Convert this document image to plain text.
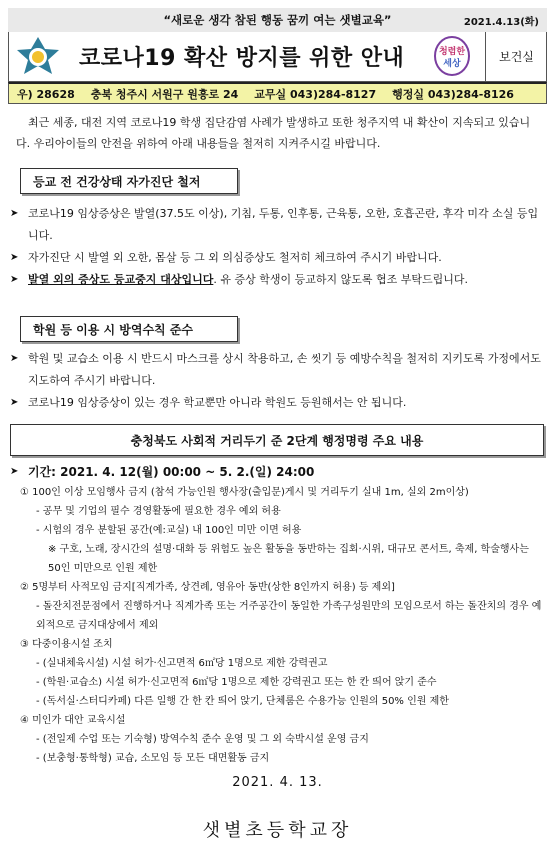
“새로운 생각 참된 행동 꿈끼 여는 샛별교육”	2021.4.13(화)
코로나19 확산 방지를 위한 안내	청렴한
세상	보건실
우) 28628 충북 청주시 서원구 원흥로 24 교무실 043)284-8127 행정실 043)284-8126
최근 세종, 대전 지역 코로나19 학생 집단감염 사례가 발생하고 또한 청주지역 내 확산이 지속되고 있습니다. 우리아이들의 안전을 위하여 아래 내용들을 철저히 지켜주시길 바랍니다.
등교 전 건강상태 자가진단 철저
➤ 코로나19 임상증상은 발열(37.5도 이상), 기침, 두통, 인후통, 근육통, 오한, 호흡곤란, 후각 미각 소실 등입니다.
➤ 자가진단 시 발열 외 오한, 몸살 등 그 외 의심증상도 철저히 체크하여 주시기 바랍니다.
➤ 발열 외의 증상도 등교중지 대상입니다. 유 증상 학생이 등교하지 않도록 협조 부탁드립니다.
학원 등 이용 시 방역수칙 준수
➤ 학원 및 교습소 이용 시 반드시 마스크를 상시 착용하고, 손 씻기 등 예방수칙을 철저히 지키도록 가정에서도 지도하여 주시기 바랍니다.
➤ 코로나19 임상증상이 있는 경우 학교뿐만 아니라 학원도 등원해서는 안 됩니다.
충청북도 사회적 거리두기 준 2단계 행정명령 주요 내용
➤ 기간: 2021. 4. 12(월) 00:00 ~ 5. 2.(일) 24:00
① 100인 이상 모임행사 금지 (참석 가능인원 행사장(출입문)게시 및 거리두기 실내 1m, 실외 2m이상)
- 공무 및 기업의 필수 경영활동에 필요한 경우 예외 허용
- 시험의 경우 분할된 공간(예:교실) 내 100인 미만 이면 허용
※ 구호, 노래, 장시간의 설명·대화 등 위험도 높은 활동을 동반하는 집회·시위, 대규모 콘서트, 축제, 학술행사는 50인 미만으로 인원 제한
② 5명부터 사적모임 금지[직계가족, 상견례, 영유아 동반(상한 8인까지 허용) 등 제외]
- 돌잔치전문점에서 진행하거나 직계가족 또는 거주공간이 동일한 가족구성원만의 모임으로서 하는 돌잔치의 경우 예외적으로 금지대상에서 제외
③ 다중이용시설 조치
- (실내체육시설) 시설 허가·신고면적 6㎡당 1명으로 제한 강력권고
- (학원·교습소) 시설 허가·신고면적 6㎡당 1명으로 제한 강력권고 또는 한 칸 띄어 앉기 준수
- (독서실·스터디카페) 다른 일행 간 한 칸 띄어 앉기, 단체룸은 수용가능 인원의 50% 인원 제한
④ 미인가 대안 교육시설
- (전일제 수업 또는 기숙형) 방역수칙 준수 운영 및 그 외 숙박시설 운영 금지
- (보충형·통학형) 교습, 소모임 등 모든 대면활동 금지
2021. 4. 13.
샛별초등학교장
